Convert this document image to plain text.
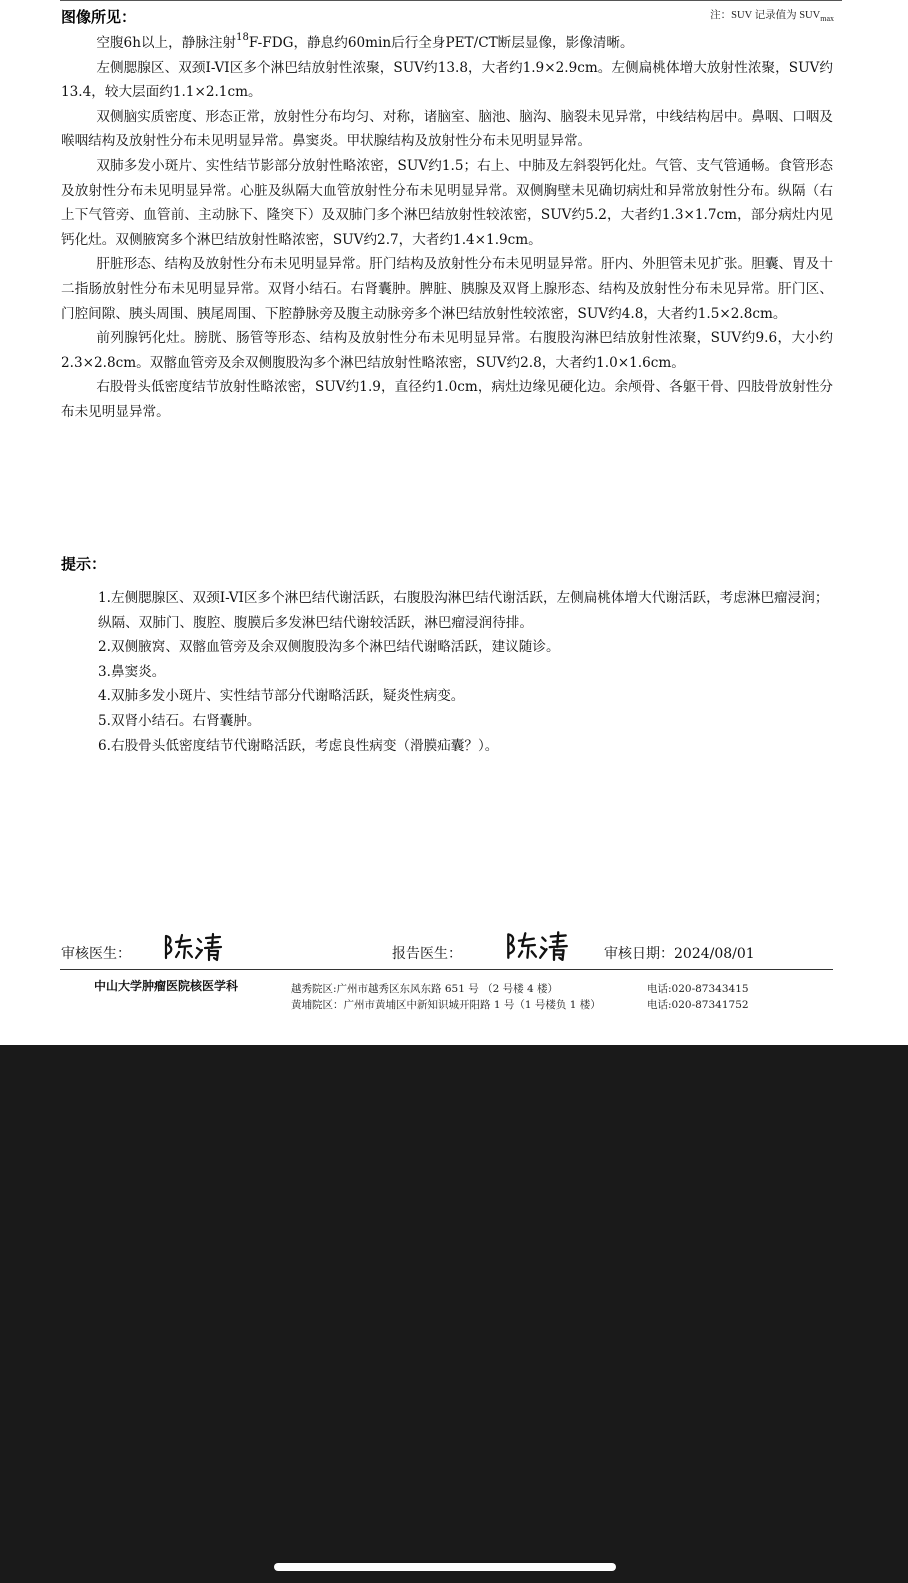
图像所见：	注：SUV 记录值为 $SUV_{max}$

空腹6h以上，静脉注射$^{18}$F-FDG，静息约60min后行全身PET/CT断层显像，影像清晰。

左侧腮腺区、双颈I-VI区多个淋巴结放射性浓聚，SUV约13.8，大者约1.9×2.9cm。左侧扁桃体增大放射性浓聚，SUV约13.4，较大层面约1.1×2.1cm。

双侧脑实质密度、形态正常，放射性分布均匀、对称，诸脑室、脑池、脑沟、脑裂未见异常，中线结构居中。鼻咽、口咽及喉咽结构及放射性分布未见明显异常。鼻窦炎。甲状腺结构及放射性分布未见明显异常。

双肺多发小斑片、实性结节影部分放射性略浓密，SUV约1.5；右上、中肺及左斜裂钙化灶。气管、支气管通畅。食管形态及放射性分布未见明显异常。心脏及纵隔大血管放射性分布未见明显异常。双侧胸壁未见确切病灶和异常放射性分布。纵隔（右上下气管旁、血管前、主动脉下、隆突下）及双肺门多个淋巴结放射性较浓密，SUV约5.2，大者约1.3×1.7cm，部分病灶内见钙化灶。双侧腋窝多个淋巴结放射性略浓密，SUV约2.7，大者约1.4×1.9cm。

肝脏形态、结构及放射性分布未见明显异常。肝门结构及放射性分布未见明显异常。肝内、外胆管未见扩张。胆囊、胃及十二指肠放射性分布未见明显异常。双肾小结石。右肾囊肿。脾脏、胰腺及双肾上腺形态、结构及放射性分布未见异常。肝门区、门腔间隙、胰头周围、胰尾周围、下腔静脉旁及腹主动脉旁多个淋巴结放射性较浓密，SUV约4.8，大者约1.5×2.8cm。

前列腺钙化灶。膀胱、肠管等形态、结构及放射性分布未见明显异常。右腹股沟淋巴结放射性浓聚，SUV约9.6，大小约2.3×2.8cm。双髂血管旁及余双侧腹股沟多个淋巴结放射性略浓密，SUV约2.8，大者约1.0×1.6cm。

右股骨头低密度结节放射性略浓密，SUV约1.9，直径约1.0cm，病灶边缘见硬化边。余颅骨、各躯干骨、四肢骨放射性分布未见明显异常。

提示：
1.左侧腮腺区、双颈I-VI区多个淋巴结代谢活跃，右腹股沟淋巴结代谢活跃，左侧扁桃体增大代谢活跃，考虑淋巴瘤浸润；纵隔、双肺门、腹腔、腹膜后多发淋巴结代谢较活跃，淋巴瘤浸润待排。
2.双侧腋窝、双髂血管旁及余双侧腹股沟多个淋巴结代谢略活跃，建议随诊。
3.鼻窦炎。
4.双肺多发小斑片、实性结节部分代谢略活跃，疑炎性病变。
5.双肾小结石。右肾囊肿。
6.右股骨头低密度结节代谢略活跃，考虑良性病变（滑膜疝囊？）。
审核医生：	报告医生：	审核日期：2024/08/01
中山大学肿瘤医院核医学科	越秀院区:广州市越秀区东风东路 651 号 （2 号楼 4 楼）	电话:020-87343415
黄埔院区：广州市黄埔区中新知识城开阳路 1 号（1 号楼负 1 楼）	电话:020-87341752
